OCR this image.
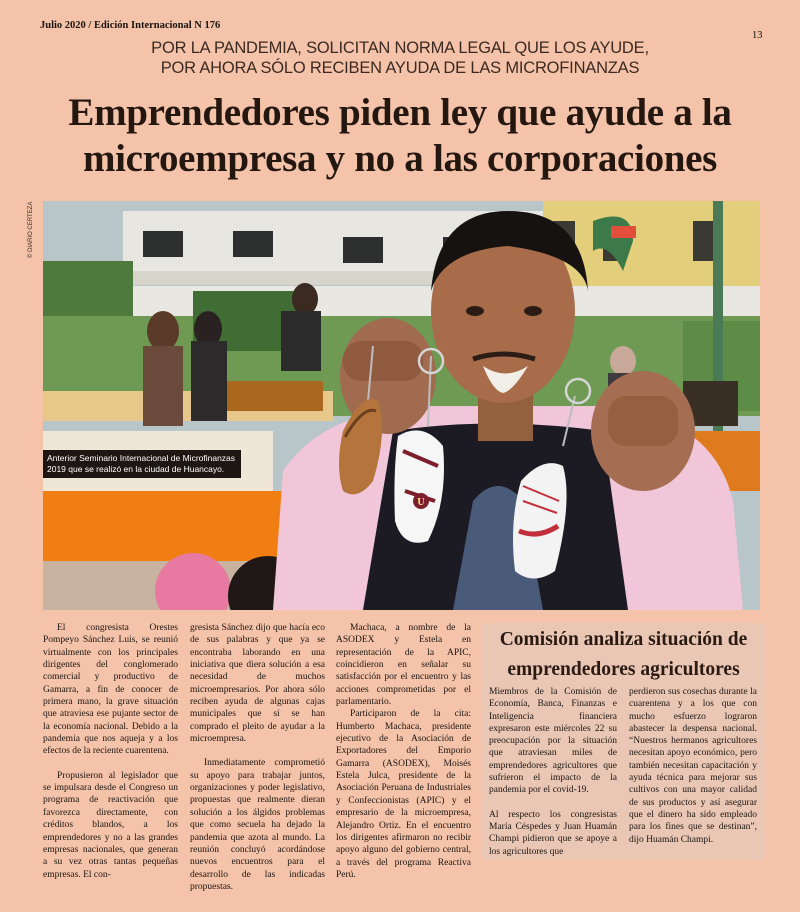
Julio 2020 / Edición Internacional N 176
13
POR LA PANDEMIA, SOLICITAN NORMA LEGAL QUE LOS AYUDE,
POR AHORA SÓLO RECIBEN AYUDA DE LAS MICROFINANZAS
Emprendedores piden ley que ayude a la
microempresa y no a las corporaciones
© DIARIO CERTEZA
U
Anterior Seminario Internacional de Microfinanzas
2019 que se realizó en la ciudad de Huancayo.

El congresista Orestes Pompeyo Sánchez Luis, se reunió virtualmente con los principales dirigentes del conglomerado comercial y productivo de Gamarra, a fin de conocer de primera mano, la grave situación que atraviesa ese pujante sector de la economía nacional. Debido a la pandemia que nos aqueja y a los efectos de la reciente cuarentena.

Propusieron al legislador que se impulsara desde el Congreso un programa de reactivación que favorezca directamente, con créditos blandos, a los emprendedores y no a las grandes empresas nacionales, que generan a su vez otras tantas pequeñas empresas. El con-

gresista Sánchez dijo que hacía eco de sus palabras y que ya se encontraba laborando en una iniciativa que diera solución a esa necesidad de muchos microempresarios. Por ahora sólo reciben ayuda de algunas cajas municipales que sí se han comprado el pleito de ayudar a la microempresa.

Inmediatamente comprometió su apoyo para trabajar juntos, organizaciones y poder legislativo, propuestas que realmente dieran solución a los álgidos problemas que como secuela ha dejado la pandemia que azota al mundo. La reunión concluyó acordándose nuevos encuentros para el desarrollo de las indicadas propuestas.

Machaca, a nombre de la ASODEX y Estela en representación de la APIC, coincidieron en señalar su satisfacción por el encuentro y las acciones comprometidas por el parlamentario.

Participaron de la cita: Humberto Machaca, presidente ejecutivo de la Asociación de Exportadores del Emporio Gamarra (ASODEX), Moisés Estela Julca, presidente de la Asociación Peruana de Industriales y Confeccionistas (APIC) y el empresario de la microempresa, Alejandro Ortiz. En el encuentro los dirigentes afirmaron no recibir apoyo alguno del gobierno central, a través del programa Reactiva Perú.

Comisión analiza situación de
emprendedores agricultores

Miembros de la Comisión de Economía, Banca, Finanzas e Inteligencia financiera expresaron este miércoles 22 su preocupación por la situación que atraviesan miles de emprendedores agricultores que sufrieron el impacto de la pandemia por el covid-19.

Al respecto los congresistas María Céspedes y Juan Huamán Champi pidieron que se apoye a los agricultores que

perdieron sus cosechas durante la cuarentena y a los que con mucho esfuerzo lograron abastecer la despensa nacional. “Nuestros hermanos agricultores necesitan apoyo económico, pero también necesitan capacitación y ayuda técnica para mejorar sus cultivos con una mayor calidad de sus productos y así asegurar que el dinero ha sido empleado para los fines que se destinan”, dijo Huamán Champi.
